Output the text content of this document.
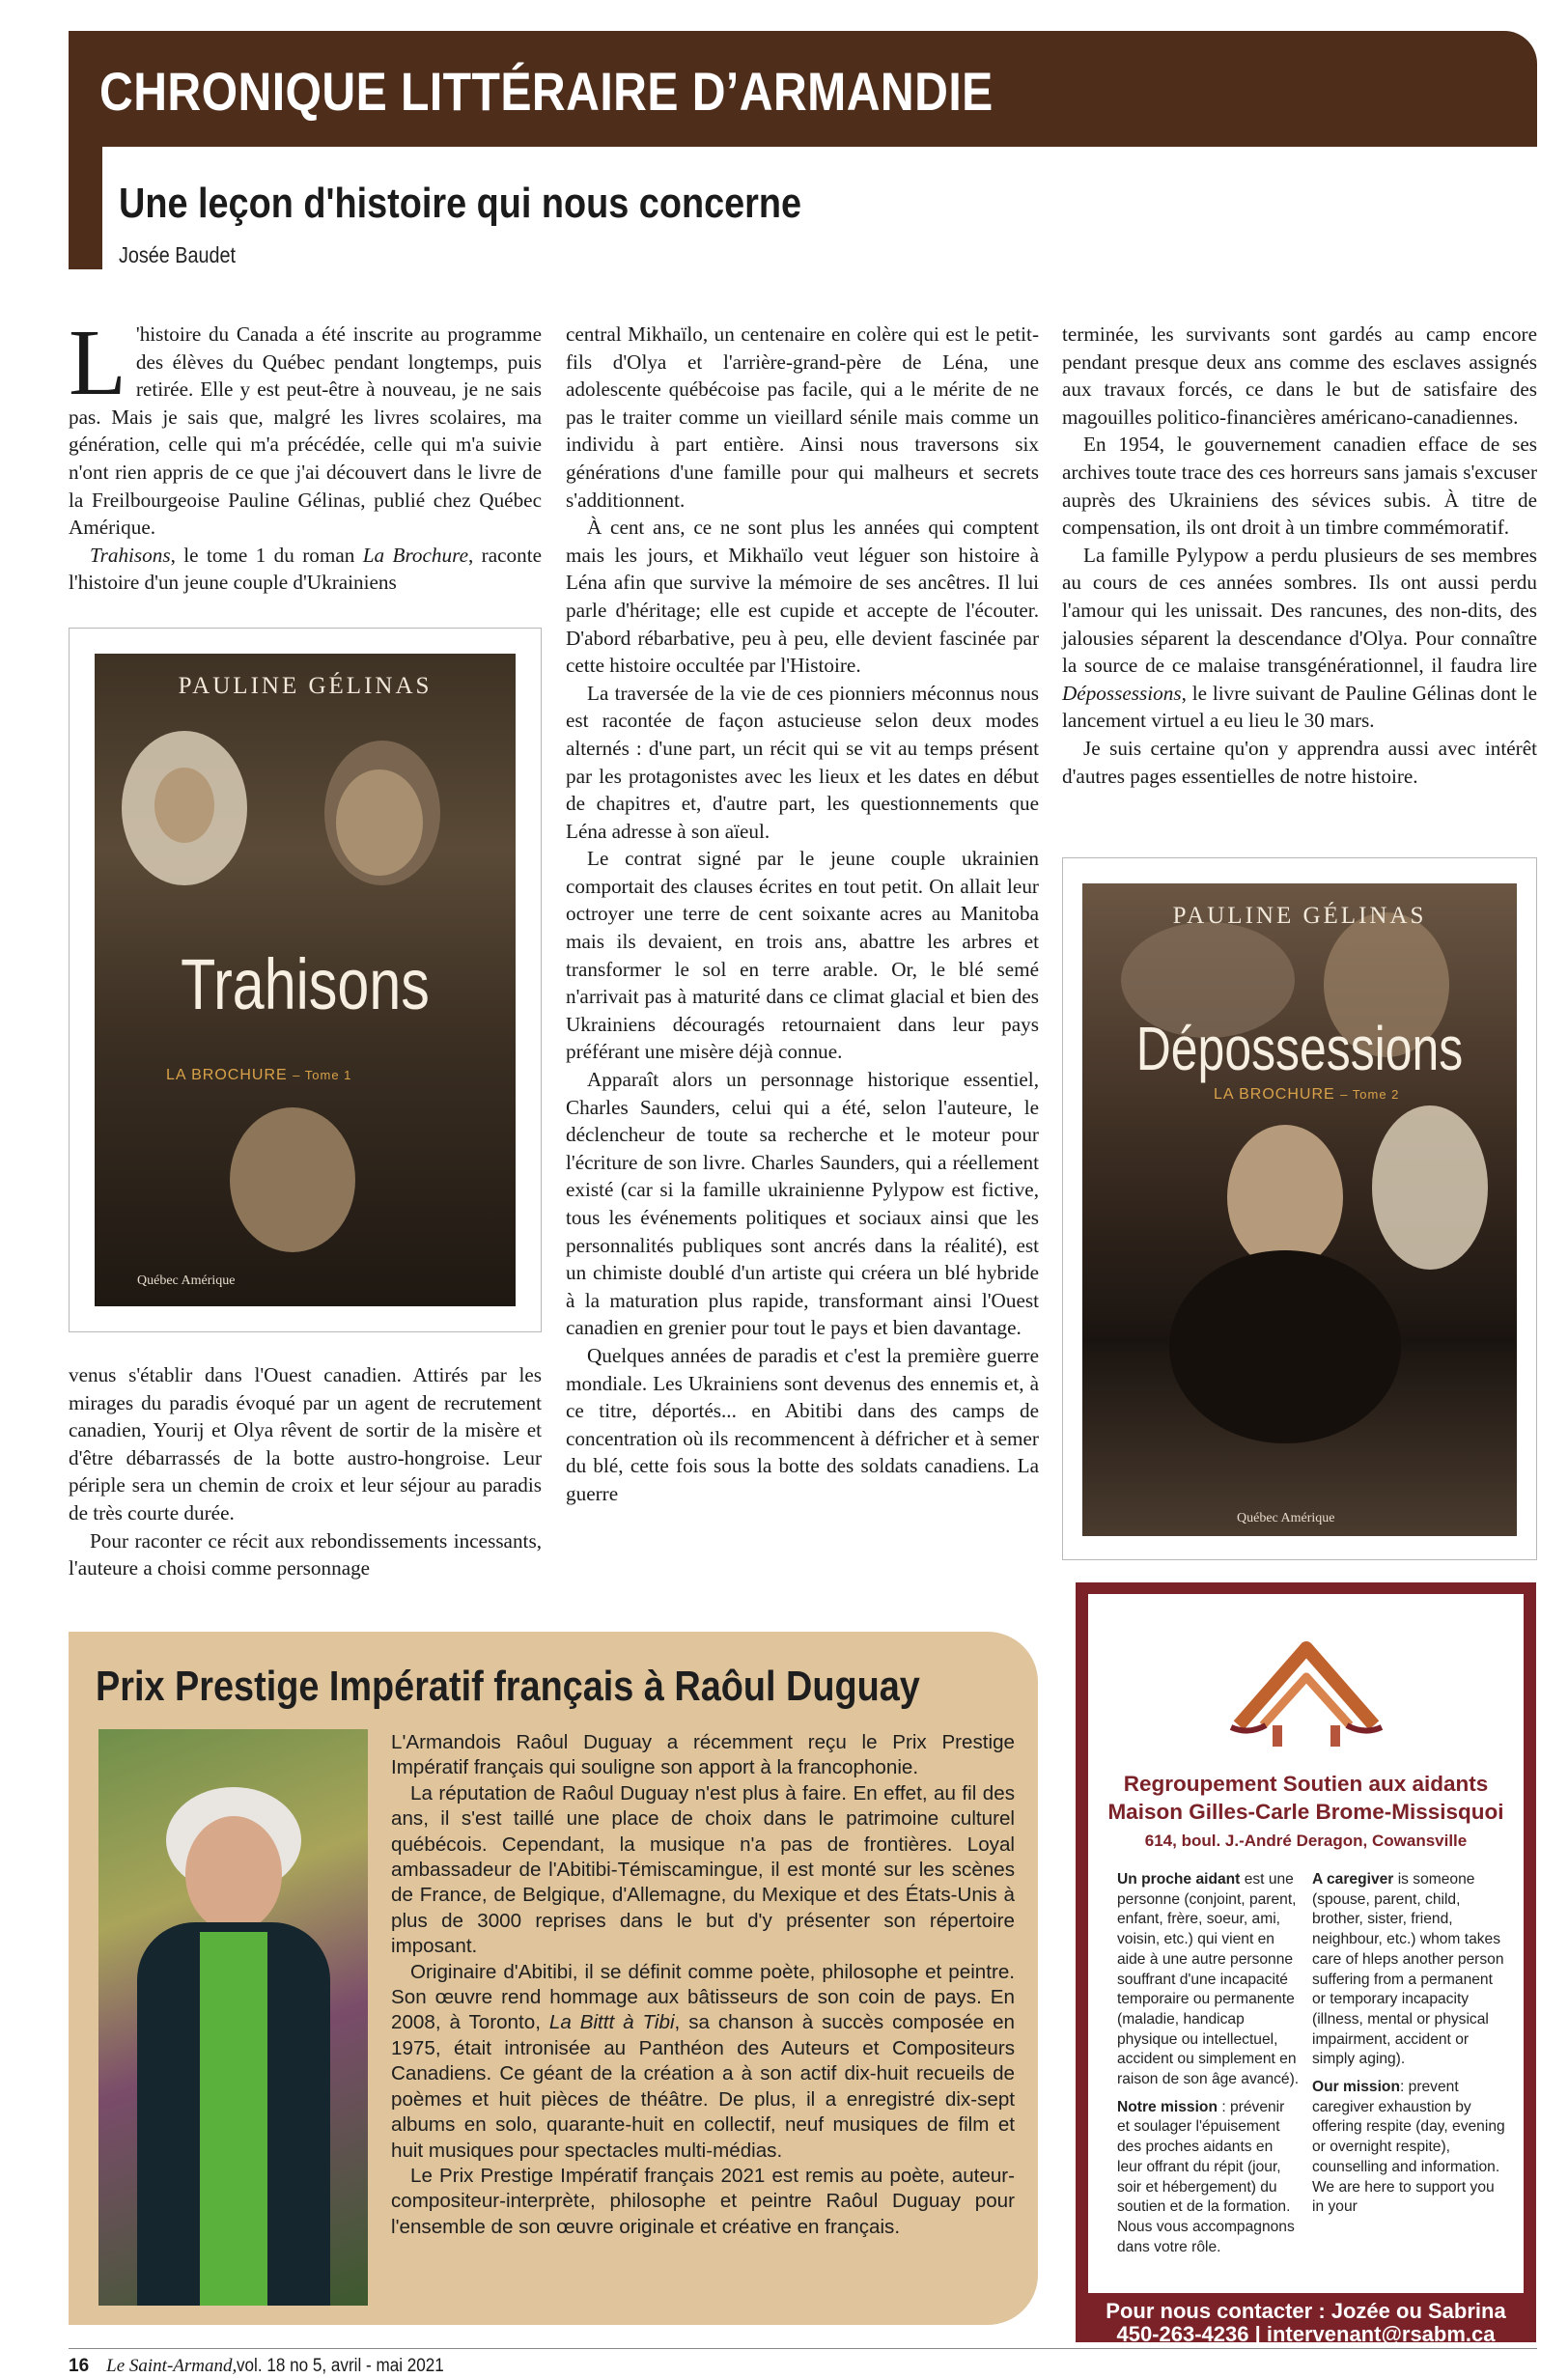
CHRONIQUE LITTÉRAIRE D’ARMANDIE
Une leçon d'histoire qui nous concerne
Josée Baudet

L 'histoire du Canada a été inscrite au programme des élèves du Québec pendant longtemps, puis retirée. Elle y est peut-être à nouveau, je ne sais pas. Mais je sais que, malgré les livres scolaires, ma génération, celle qui m'a précédée, celle qui m'a suivie n'ont rien appris de ce que j'ai découvert dans le livre de la Freilbourgeoise Pauline Gélinas, publié chez Québec Amérique.

Trahisons, le tome 1 du roman La Brochure, raconte l'histoire d'un jeune couple d'Ukrainiens

PAULINE GÉLINAS
Trahisons
LA BROCHURE – Tome 1
Québec Amérique

venus s'établir dans l'Ouest canadien. Attirés par les mirages du paradis évoqué par un agent de recrutement canadien, Yourij et Olya rêvent de sortir de la misère et d'être débarrassés de la botte austro-hongroise. Leur périple sera un chemin de croix et leur séjour au paradis de très courte durée.

Pour raconter ce récit aux rebondissements incessants, l'auteure a choisi comme personnage

central Mikhaïlo, un centenaire en colère qui est le petit-fils d'Olya et l'arrière-grand-père de Léna, une adolescente québécoise pas facile, qui a le mérite de ne pas le traiter comme un vieillard sénile mais comme un individu à part entière. Ainsi nous traversons six générations d'une famille pour qui malheurs et secrets s'additionnent.

À cent ans, ce ne sont plus les années qui comptent mais les jours, et Mikhaïlo veut léguer son histoire à Léna afin que survive la mémoire de ses ancêtres. Il lui parle d'héritage; elle est cupide et accepte de l'écouter. D'abord rébarbative, peu à peu, elle devient fascinée par cette histoire occultée par l'Histoire.

La traversée de la vie de ces pionniers méconnus nous est racontée de façon astucieuse selon deux modes alternés : d'une part, un récit qui se vit au temps présent par les protagonistes avec les lieux et les dates en début de chapitres et, d'autre part, les questionnements que Léna adresse à son aïeul.

Le contrat signé par le jeune couple ukrainien comportait des clauses écrites en tout petit. On allait leur octroyer une terre de cent soixante acres au Manitoba mais ils devaient, en trois ans, abattre les arbres et transformer le sol en terre arable. Or, le blé semé n'arrivait pas à maturité dans ce climat glacial et bien des Ukrainiens découragés retournaient dans leur pays préférant une misère déjà connue.

Apparaît alors un personnage historique essentiel, Charles Saunders, celui qui a été, selon l'auteure, le déclencheur de toute sa recherche et le moteur pour l'écriture de son livre. Charles Saunders, qui a réellement existé (car si la famille ukrainienne Pylypow est fictive, tous les événements politiques et sociaux ainsi que les personnalités publiques sont ancrés dans la réalité), est un chimiste doublé d'un artiste qui créera un blé hybride à la maturation plus rapide, transformant ainsi l'Ouest canadien en grenier pour tout le pays et bien davantage.

Quelques années de paradis et c'est la première guerre mondiale. Les Ukrainiens sont devenus des ennemis et, à ce titre, déportés... en Abitibi dans des camps de concentration où ils recommencent à défricher et à semer du blé, cette fois sous la botte des soldats canadiens. La guerre

terminée, les survivants sont gardés au camp encore pendant presque deux ans comme des esclaves assignés aux travaux forcés, ce dans le but de satisfaire des magouilles politico-financières américano-canadiennes.

En 1954, le gouvernement canadien efface de ses archives toute trace des ces horreurs sans jamais s'excuser auprès des Ukrainiens des sévices subis. À titre de compensation, ils ont droit à un timbre commémoratif.

La famille Pylypow a perdu plusieurs de ses membres au cours de ces années sombres. Ils ont aussi perdu l'amour qui les unissait. Des rancunes, des non-dits, des jalousies séparent la descendance d'Olya. Pour connaître la source de ce malaise transgénérationnel, il faudra lire Dépossessions, le livre suivant de Pauline Gélinas dont le lancement virtuel a eu lieu le 30 mars.

Je suis certaine qu'on y apprendra aussi avec intérêt d'autres pages essentielles de notre histoire.

PAULINE GÉLINAS
Dépossessions
LA BROCHURE – Tome 2
Québec Amérique
Prix Prestige Impératif français à Raôul Duguay

L'Armandois Raôul Duguay a récemment reçu le Prix Prestige Impératif français qui souligne son apport à la francophonie.

La réputation de Raôul Duguay n'est plus à faire. En effet, au fil des ans, il s'est taillé une place de choix dans le patrimoine culturel québécois. Cependant, la musique n'a pas de frontières. Loyal ambassadeur de l'Abitibi-Témiscamingue, il est monté sur les scènes de France, de Belgique, d'Allemagne, du Mexique et des États-Unis à plus de 3000 reprises dans le but d'y présenter son répertoire imposant.

Originaire d'Abitibi, il se définit comme poète, philosophe et peintre. Son œuvre rend hommage aux bâtisseurs de son coin de pays. En 2008, à Toronto, La Bittt à Tibi, sa chanson à succès composée en 1975, était intronisée au Panthéon des Auteurs et Compositeurs Canadiens. Ce géant de la création a à son actif dix-huit recueils de poèmes et huit pièces de théâtre. De plus, il a enregistré dix-sept albums en solo, quarante-huit en collectif, neuf musiques de film et huit musiques pour spectacles multi-médias.

Le Prix Prestige Impératif français 2021 est remis au poète, auteur-compositeur-interprète, philosophe et peintre Raôul Duguay pour l'ensemble de son œuvre originale et créative en français.

Regroupement Soutien aux aidants
Maison Gilles-Carle Brome-Missisquoi
614, boul. J.-André Deragon, Cowansville

Un proche aidant est une personne (conjoint, parent, enfant, frère, soeur, ami, voisin, etc.) qui vient en aide à une autre personne souffrant d'une incapacité temporaire ou permanente (maladie, handicap physique ou intellectuel, accident ou simplement en raison de son âge avancé).

Notre mission : prévenir et soulager l'épuisement des proches aidants en leur offrant du répit (jour, soir et hébergement) du soutien et de la formation. Nous vous accompagnons dans votre rôle.

A caregiver is someone (spouse, parent, child, brother, sister, friend, neighbour, etc.) whom takes care of hleps another person suffering from a permanent or temporary incapacity (illness, mental or physical impairment, accident or simply aging).

Our mission: prevent caregiver exhaustion by offering respite (day, evening or overnight respite), counselling and information. We are here to support you in your

Pour nous contacter : Jozée ou Sabrina
450-263-4236 | intervenant@rsabm.ca
16 Le Saint-Armand,vol. 18 no 5, avril - mai 2021
